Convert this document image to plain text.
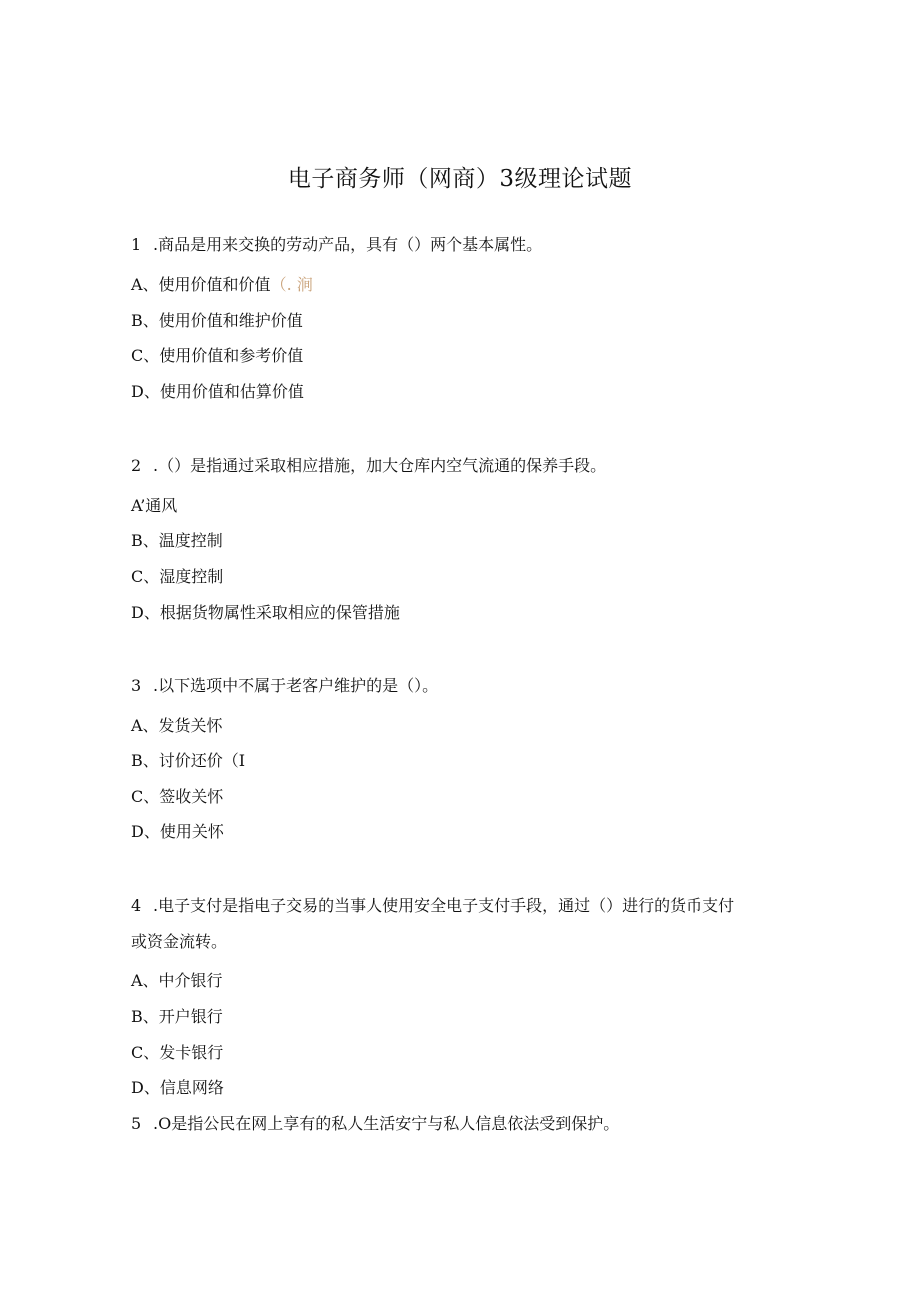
电子商务师（网商）3级理论试题

1 .商品是用来交换的劳动产品，具有（）两个基本属性。

A、使用价值和价值（. 涧

B、使用价值和维护价值

C、使用价值和参考价值

D、使用价值和估算价值

2 .（）是指通过采取相应措施，加大仓库内空气流通的保养手段。

A’通风

B、温度控制

C、湿度控制

D、根据货物属性采取相应的保管措施

3 .以下选项中不属于老客户维护的是（）。

A、发货关怀

B、讨价还价（I

C、签收关怀

D、使用关怀

4 .电子支付是指电子交易的当事人使用安全电子支付手段，通过（）进行的货币支付

或资金流转。

A、中介银行

B、开户银行

C、发卡银行

D、信息网络

5 .O是指公民在网上享有的私人生活安宁与私人信息依法受到保护。
